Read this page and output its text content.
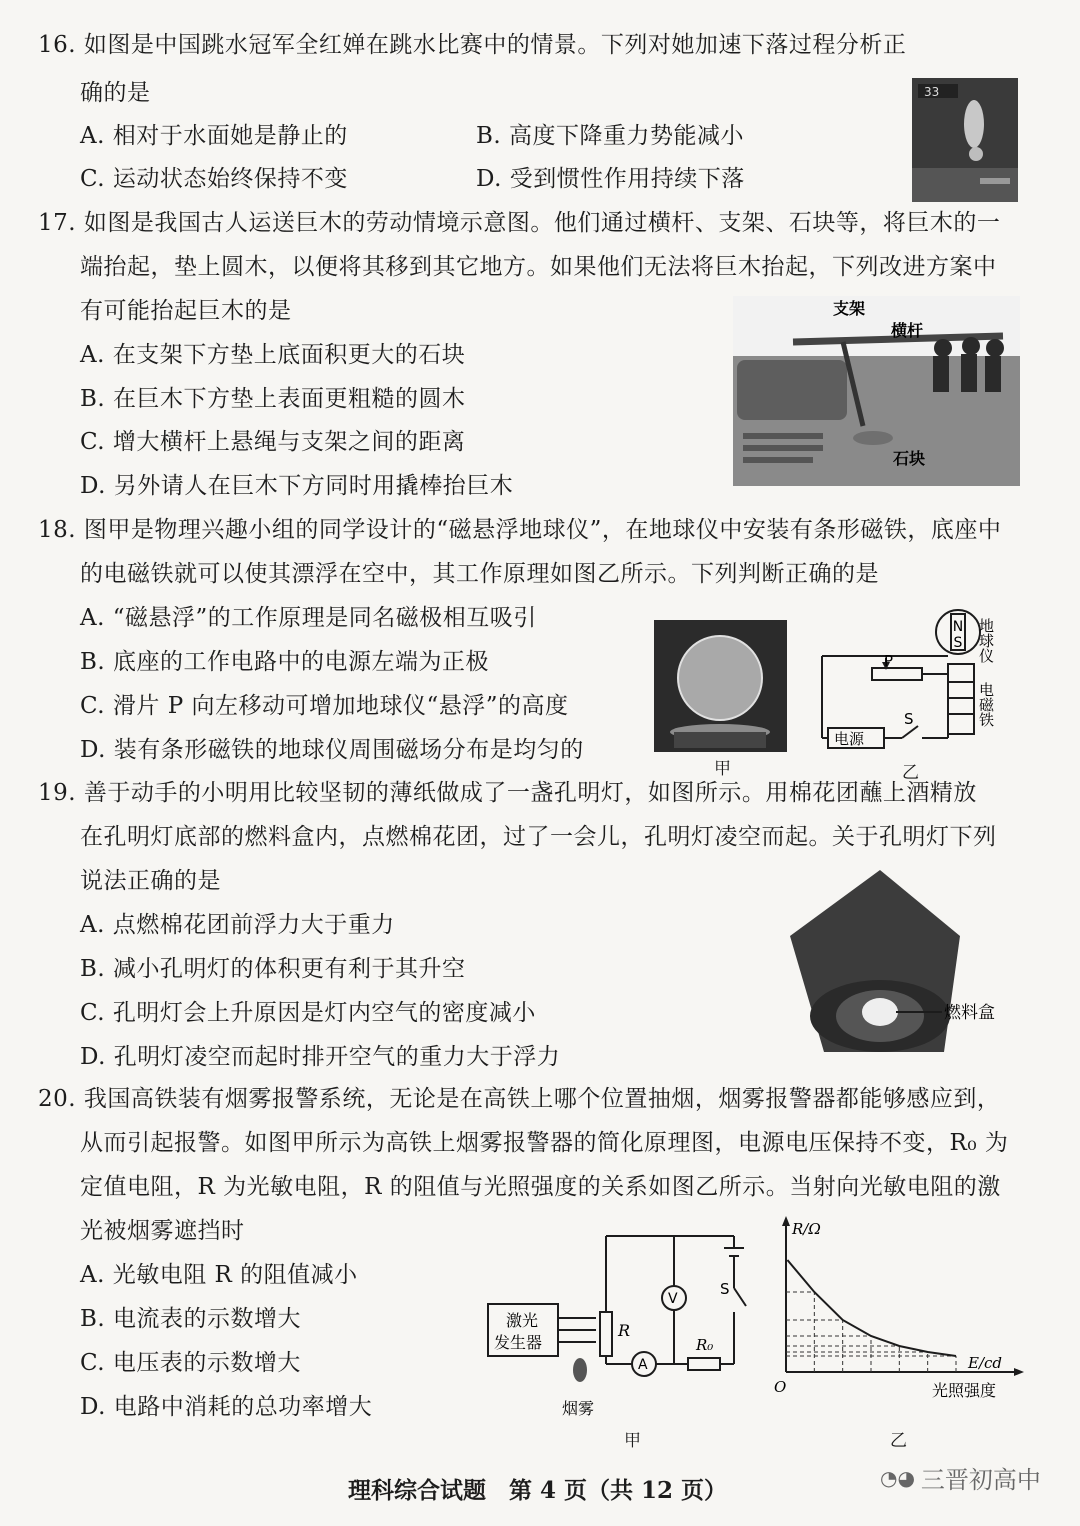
16. 如图是中国跳水冠军全红婵在跳水比赛中的情景。下列对她加速下落过程分析正
确的是
A. 相对于水面她是静止的	B. 高度下降重力势能减小
C. 运动状态始终保持不变	D. 受到惯性作用持续下落
33
17. 如图是我国古人运送巨木的劳动情境示意图。他们通过横杆、支架、石块等，将巨木的一
端抬起，垫上圆木，以便将其移到其它地方。如果他们无法将巨木抬起，下列改进方案中
有可能抬起巨木的是
A. 在支架下方垫上底面积更大的石块
B. 在巨木下方垫上表面更粗糙的圆木
C. 增大横杆上悬绳与支架之间的距离
D. 另外请人在巨木下方同时用撬棒抬巨木
支架
横杆
石块
18. 图甲是物理兴趣小组的同学设计的“磁悬浮地球仪”，在地球仪中安装有条形磁铁，底座中
的电磁铁就可以使其漂浮在空中，其工作原理如图乙所示。下列判断正确的是
A. “磁悬浮”的工作原理是同名磁极相互吸引
B. 底座的工作电路中的电源左端为正极
C. 滑片 P 向左移动可增加地球仪“悬浮”的高度
D. 装有条形磁铁的地球仪周围磁场分布是均匀的
甲
N
S
P
S
电源
地球仪
电磁铁
乙
19. 善于动手的小明用比较坚韧的薄纸做成了一盏孔明灯，如图所示。用棉花团蘸上酒精放
在孔明灯底部的燃料盒内，点燃棉花团，过了一会儿，孔明灯凌空而起。关于孔明灯下列
说法正确的是
A. 点燃棉花团前浮力大于重力
B. 减小孔明灯的体积更有利于其升空
C. 孔明灯会上升原因是灯内空气的密度减小
D. 孔明灯凌空而起时排开空气的重力大于浮力
燃料盒
20. 我国高铁装有烟雾报警系统，无论是在高铁上哪个位置抽烟，烟雾报警器都能够感应到，
从而引起报警。如图甲所示为高铁上烟雾报警器的简化原理图，电源电压保持不变，R₀ 为
定值电阻，R 为光敏电阻，R 的阻值与光照强度的关系如图乙所示。当射向光敏电阻的激
光被烟雾遮挡时
A. 光敏电阻 R 的阻值减小
B. 电流表的示数增大
C. 电压表的示数增大
D. 电路中消耗的总功率增大
激光
发生器
R
V
A
R₀
S
烟雾
甲
R/Ω
E/cd
O	光照强度
乙
理科综合试题　第 4 页（共 12 页）	◔◕ 三晋初高中
